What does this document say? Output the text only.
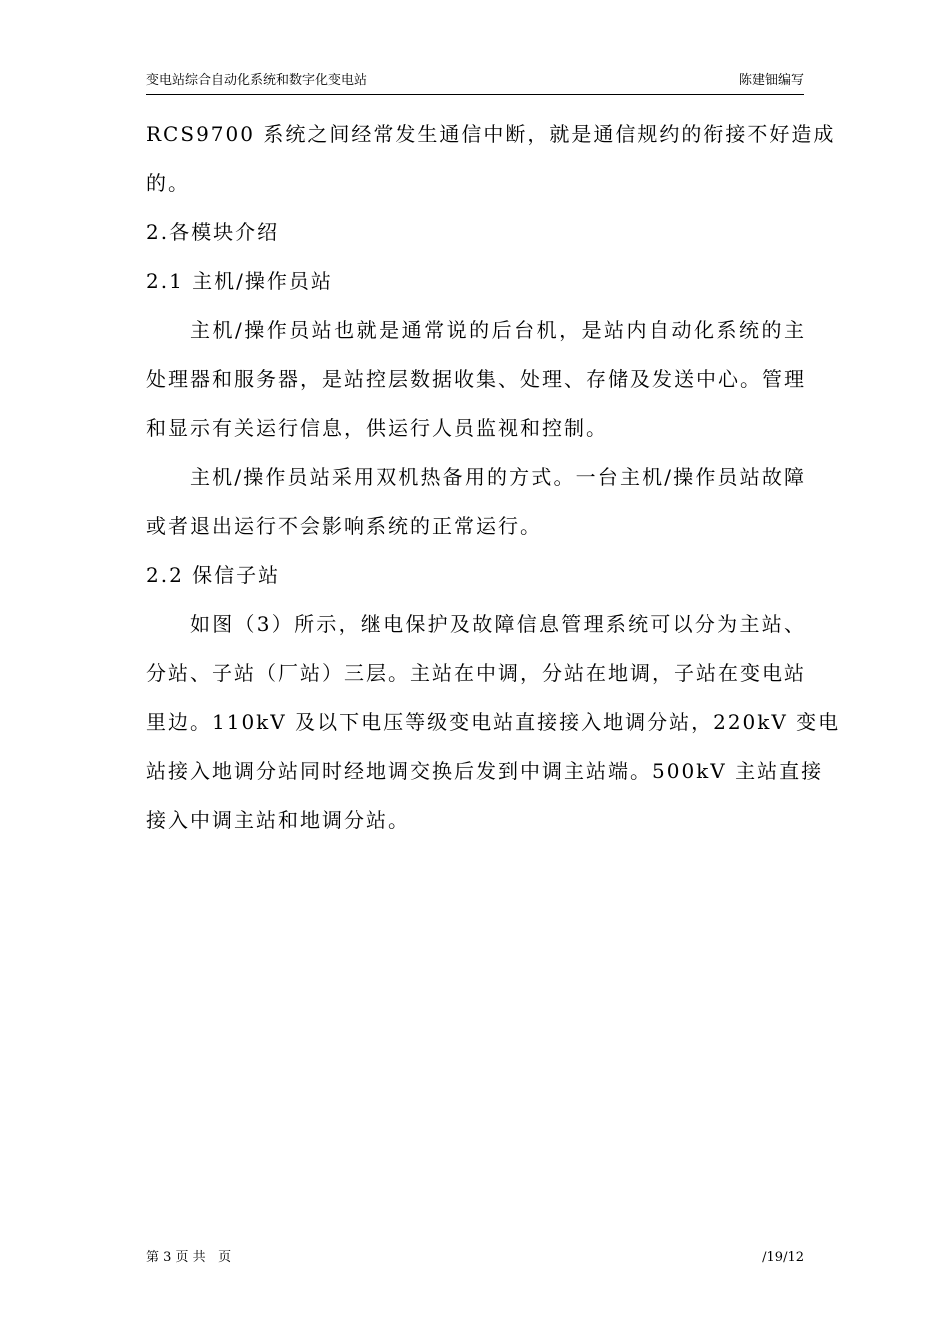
变电站综合自动化系统和数字化变电站	陈建钿编写
RCS9700 系统之间经常发生通信中断，就是通信规约的衔接不好造成
的。
2.各模块介绍
2.1 主机/操作员站
主机/操作员站也就是通常说的后台机，是站内自动化系统的主
处理器和服务器，是站控层数据收集、处理、存储及发送中心。管理
和显示有关运行信息，供运行人员监视和控制。
主机/操作员站采用双机热备用的方式。一台主机/操作员站故障
或者退出运行不会影响系统的正常运行。
2.2 保信子站
如图（3）所示，继电保护及故障信息管理系统可以分为主站、
分站、子站（厂站）三层。主站在中调，分站在地调，子站在变电站
里边。110kV 及以下电压等级变电站直接接入地调分站，220kV 变电
站接入地调分站同时经地调交换后发到中调主站端。500kV 主站直接
接入中调主站和地调分站。
第 3 页 共   页	/19/12
